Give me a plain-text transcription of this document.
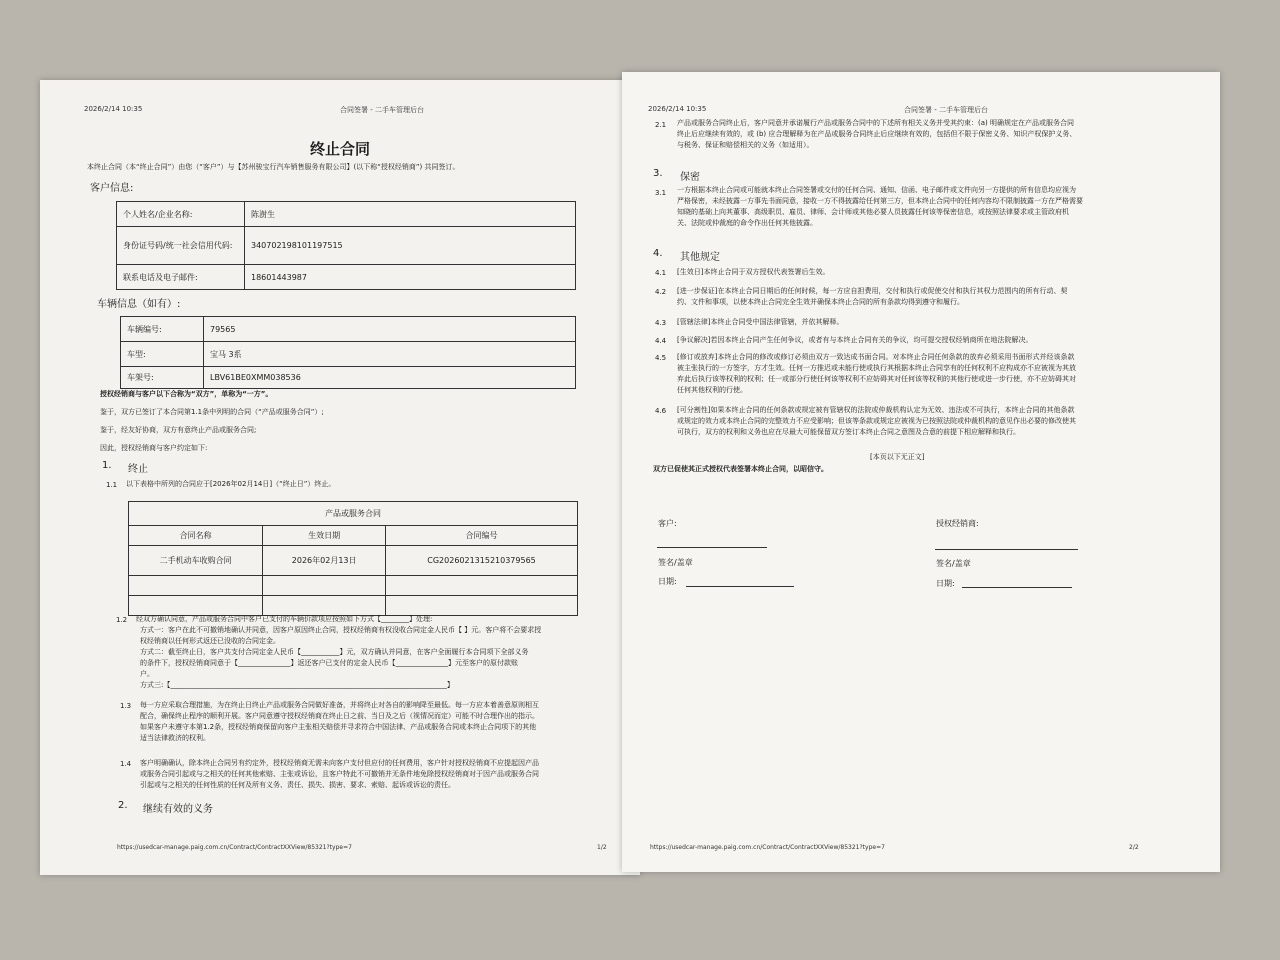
2026/2/14 10:35	合同签署 - 二手车管理后台
终止合同
本终止合同（本“终止合同”）由您（“客户”）与【苏州骏宝行汽车销售服务有限公司】(以下称“授权经销商”) 共同签订。
客户信息:
个人姓名/企业名称:	陈澍生
身份证号码/统一社会信用代码:	340702198101197515
联系电话及电子邮件:	18601443987
车辆信息（如有）:
车辆编号:	79565
车型:	宝马 3系
车架号:	LBV61BE0XMM038536
授权经销商与客户以下合称为“双方”，单称为“一方”。
鉴于，双方已签订了本合同第1.1条中列明的合同（“产品或服务合同”）;
鉴于，经友好协商，双方有意终止产品或服务合同;
因此，授权经销商与客户约定如下:
1. 终止
1.1 以下表格中所列的合同应于[2026年02月14日]（“终止日”）终止。
产品或服务合同		
合同名称	生效日期	合同编号
二手机动车收购合同	2026年02月13日	CG2026021315210379565

1.2 经双方确认同意，产品或服务合同中客户已支付的车辆价款项应按照如下方式【________】处理:
方式一：客户在此不可撤销地确认并同意，因客户原因终止合同，授权经销商有权没收合同定金人民币【 】元。客户将不会要求授
权经销商以任何形式返还已没收的合同定金。
方式二：截至终止日，客户共支付合同定金人民币【___________】元，双方确认并同意，在客户全面履行本合同项下全部义务
的条件下，授权经销商同意于【_______________】返还客户已支付的定金人民币【_______________】元至客户的原付款账
户。
方式三:【_______________________________________________________________________________】
1.3 每一方应采取合理措施，为在终止日终止产品或服务合同做好准备，并将终止对各自的影响降至最低。每一方应本着善意原则相互
配合，确保终止程序的顺利开展。客户同意遵守授权经销商在终止日之前、当日及之后（视情况而定）可能不时合理作出的指示。
如果客户未遵守本第1.2条，授权经销商保留向客户主张相关赔偿并寻求符合中国法律、产品或服务合同或本终止合同项下的其他
适当法律救济的权利。
1.4 客户明确确认，除本终止合同另有约定外，授权经销商无需未向客户支付但应付的任何费用，客户针对授权经销商不应提起因产品
或服务合同引起或与之相关的任何其他索赔、主张或诉讼，且客户特此不可撤销并无条件地免除授权经销商对于因产品或服务合同
引起或与之相关的任何性质的任何及所有义务、责任、损失、损害、要求、索赔、起诉或诉讼的责任。
2. 继续有效的义务
https://usedcar-manage.paig.com.cn/Contract/ContractXXView/85321?type=7	1/2
2026/2/14 10:35	合同签署 - 二手车管理后台
2.1 产品或服务合同终止后，客户同意并承诺履行产品或服务合同中的下述所有相关义务并受其约束：(a) 明确规定在产品或服务合同
终止后应继续有效的，或 (b) 应合理解释为在产品或服务合同终止后应继续有效的，包括但不限于保密义务、知识产权保护义务、
与税务、保证和赔偿相关的义务（如适用）。
3. 保密
3.1 一方根据本终止合同或可能就本终止合同签署或交付的任何合同、通知、信函、电子邮件或文件向另一方提供的所有信息均应视为
严格保密，未经披露一方事先书面同意，接收一方不得披露给任何第三方，但本终止合同中的任何内容均不限制披露一方在严格需要
知晓的基础上向其董事、高级职员、雇员、律师、会计师或其他必要人员披露任何该等保密信息，或按照法律要求或主管政府机
关、法院或仲裁庭的命令作出任何其他披露。
4. 其他规定
4.1 [生效日]本终止合同于双方授权代表签署后生效。
4.2 [进一步保证]在本终止合同日期后的任何时候，每一方应自担费用，交付和执行或促使交付和执行其权力范围内的所有行动、契
约、文件和事项，以使本终止合同完全生效并确保本终止合同的所有条款均得到遵守和履行。
4.3 [管辖法律]本终止合同受中国法律管辖，并依其解释。
4.4 [争议解决]若因本终止合同产生任何争议，或者有与本终止合同有关的争议，均可提交授权经销商所在地法院解决。
4.5 [修订或放弃]本终止合同的修改或修订必须由双方一致达成书面合同。对本终止合同任何条款的放弃必须采用书面形式并经该条款
被主张执行的一方签字，方才生效。任何一方推迟或未能行使或执行其根据本终止合同享有的任何权利不应构成亦不应被视为其放
弃此后执行该等权利的权利；任一或部分行使任何该等权利不应妨碍其对任何该等权利的其他行使或进一步行使，亦不应妨碍其对
任何其他权利的行使。
4.6 [可分割性]如果本终止合同的任何条款或规定被有管辖权的法院或仲裁机构认定为无效、违法或不可执行，本终止合同的其他条款
或规定的效力或本终止合同的完整效力不应受影响；但该等条款或规定应被视为已按照法院或仲裁机构的意见作出必要的修改使其
可执行，双方的权利和义务也应在尽最大可能保留双方签订本终止合同之意图及合意的前提下相应解释和执行。
[本页以下无正文]
双方已促使其正式授权代表签署本终止合同，以昭信守。
客户:
签名/盖章
日期:
授权经销商:
签名/盖章
日期:
https://usedcar-manage.paig.com.cn/Contract/ContractXXView/85321?type=7	2/2
